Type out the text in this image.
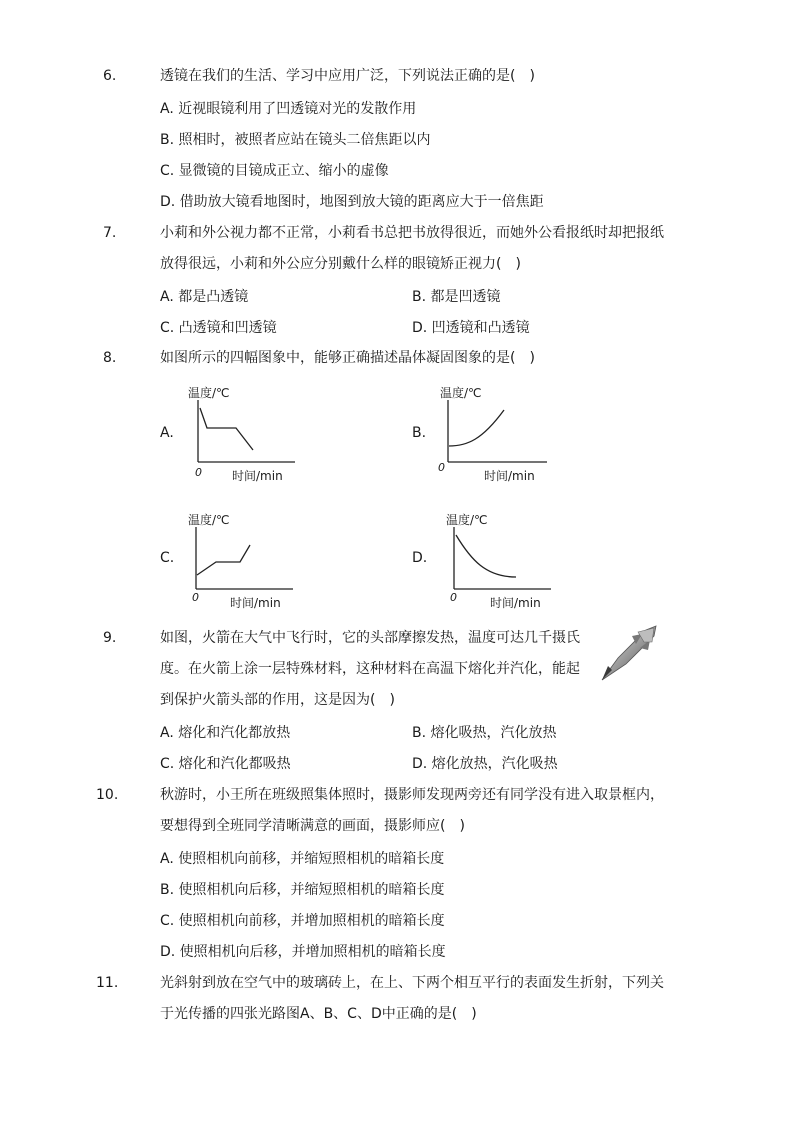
6.	透镜在我们的生活、学习中应用广泛，下列说法正确的是(　)
A. 近视眼镜利用了凹透镜对光的发散作用
B. 照相时，被照者应站在镜头二倍焦距以内
C. 显微镜的目镜成正立、缩小的虚像
D. 借助放大镜看地图时，地图到放大镜的距离应大于一倍焦距
7.	小莉和外公视力都不正常，小莉看书总把书放得很近，而她外公看报纸时却把报纸
放得很远，小莉和外公应分别戴什么样的眼镜矫正视力(　)
A. 都是凸透镜	B. 都是凹透镜
C. 凸透镜和凹透镜	D. 凹透镜和凸透镜
8.	如图所示的四幅图象中，能够正确描述晶体凝固图象的是(　)
A.	B.
C.	D.
温度/℃
0	时间/min
温度/℃
0
时间/min
温度/℃
0	时间/min
温度/℃
0	时间/min
9.	如图，火箭在大气中飞行时，它的头部摩擦发热，温度可达几千摄氏
度。在火箭上涂一层特殊材料，这种材料在高温下熔化并汽化，能起
到保护火箭头部的作用，这是因为(　)
A. 熔化和汽化都放热	B. 熔化吸热，汽化放热
C. 熔化和汽化都吸热	D. 熔化放热，汽化吸热
10.	秋游时，小王所在班级照集体照时，摄影师发现两旁还有同学没有进入取景框内，
要想得到全班同学清晰满意的画面，摄影师应(　)
A. 使照相机向前移，并缩短照相机的暗箱长度
B. 使照相机向后移，并缩短照相机的暗箱长度
C. 使照相机向前移，并增加照相机的暗箱长度
D. 使照相机向后移，并增加照相机的暗箱长度
11.	光斜射到放在空气中的玻璃砖上，在上、下两个相互平行的表面发生折射，下列关
于光传播的四张光路图A、B、C、D中正确的是(　)
